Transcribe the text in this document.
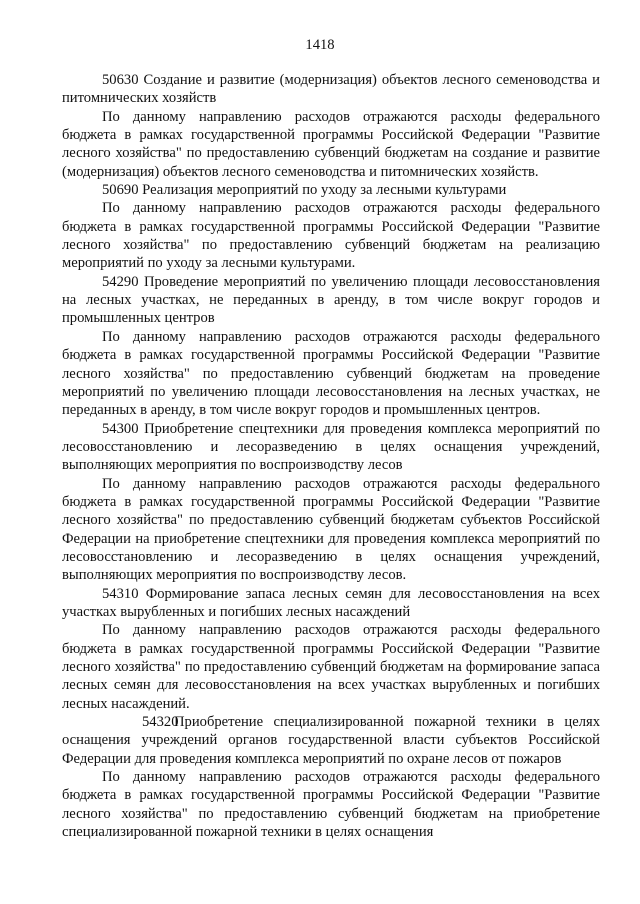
1418

50630 Создание и развитие (модернизация) объектов лесного семеноводства и питомнических хозяйств

По данному направлению расходов отражаются расходы федерального бюджета в рамках государственной программы Российской Федерации "Развитие лесного хозяйства" по предоставлению субвенций бюджетам на создание и развитие (модернизация) объектов лесного семеноводства и питомнических хозяйств.

50690 Реализация мероприятий по уходу за лесными культурами

По данному направлению расходов отражаются расходы федерального бюджета в рамках государственной программы Российской Федерации "Развитие лесного хозяйства" по предоставлению субвенций бюджетам на реализацию мероприятий по уходу за лесными культурами.

54290 Проведение мероприятий по увеличению площади лесовосстановления на лесных участках, не переданных в аренду, в том числе вокруг городов и промышленных центров

По данному направлению расходов отражаются расходы федерального бюджета в рамках государственной программы Российской Федерации "Развитие лесного хозяйства" по предоставлению субвенций бюджетам на проведение мероприятий по увеличению площади лесовосстановления на лесных участках, не переданных в аренду, в том числе вокруг городов и промышленных центров.

54300 Приобретение спецтехники для проведения комплекса мероприятий по лесовосстановлению и лесоразведению в целях оснащения учреждений, выполняющих мероприятия по воспроизводству лесов

По данному направлению расходов отражаются расходы федерального бюджета в рамках государственной программы Российской Федерации "Развитие лесного хозяйства" по предоставлению субвенций бюджетам субъектов Российской Федерации на приобретение спецтехники для проведения комплекса мероприятий по лесовосстановлению и лесоразведению в целях оснащения учреждений, выполняющих мероприятия по воспроизводству лесов.

54310 Формирование запаса лесных семян для лесовосстановления на всех участках вырубленных и погибших лесных насаждений

По данному направлению расходов отражаются расходы федерального бюджета в рамках государственной программы Российской Федерации "Развитие лесного хозяйства" по предоставлению субвенций бюджетам на формирование запаса лесных семян для лесовосстановления на всех участках вырубленных и погибших лесных насаждений.

54320Приобретение специализированной пожарной техники в целях оснащения учреждений органов государственной власти субъектов Российской Федерации для проведения комплекса мероприятий по охране лесов от пожаров

По данному направлению расходов отражаются расходы федерального бюджета в рамках государственной программы Российской Федерации "Развитие лесного хозяйства" по предоставлению субвенций бюджетам на приобретение специализированной пожарной техники в целях оснащения
